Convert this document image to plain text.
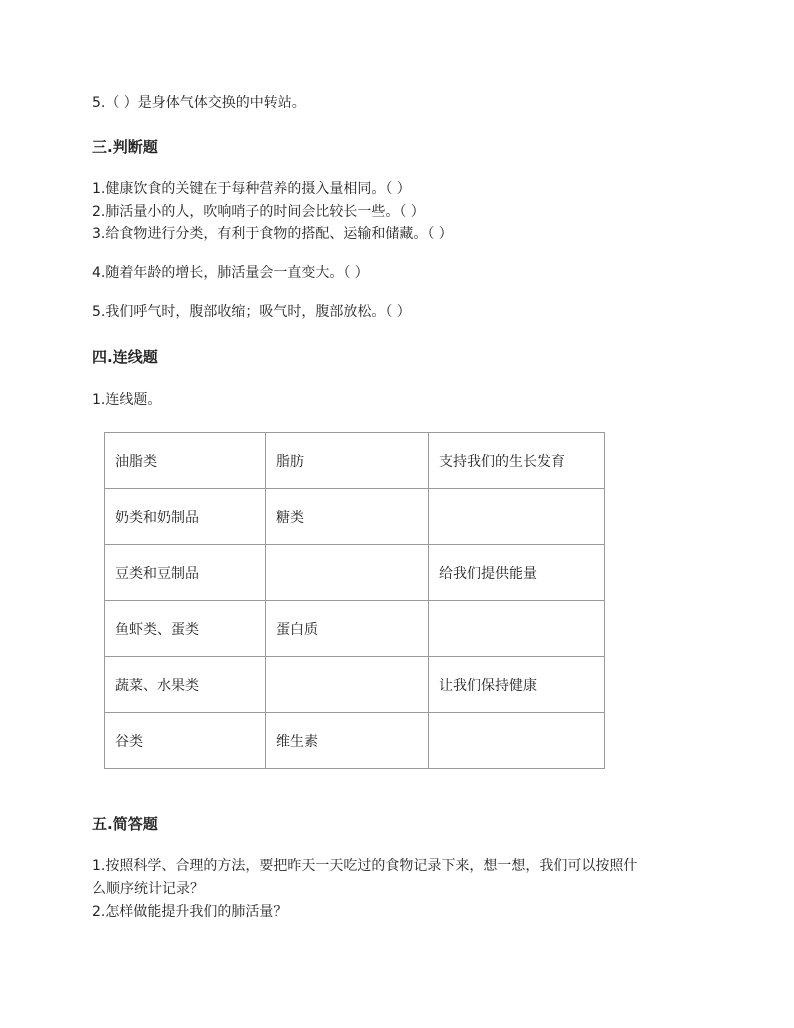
5.（ ）是身体气体交换的中转站。
三.判断题
1.健康饮食的关键在于每种营养的摄入量相同。（ ）
2.肺活量小的人，吹响哨子的时间会比较长一些。（ ）
3.给食物进行分类，有利于食物的搭配、运输和储藏。（ ）
4.随着年龄的增长，肺活量会一直变大。（ ）
5.我们呼气时，腹部收缩；吸气时，腹部放松。（ ）
四.连线题
1.连线题。
油脂类	脂肪	支持我们的生长发育
奶类和奶制品	糖类	
豆类和豆制品		给我们提供能量
鱼虾类、蛋类	蛋白质	
蔬菜、水果类		让我们保持健康
谷类	维生素	
五.简答题
1.按照科学、合理的方法，要把昨天一天吃过的食物记录下来，想一想，我们可以按照什
么顺序统计记录？
2.怎样做能提升我们的肺活量？
